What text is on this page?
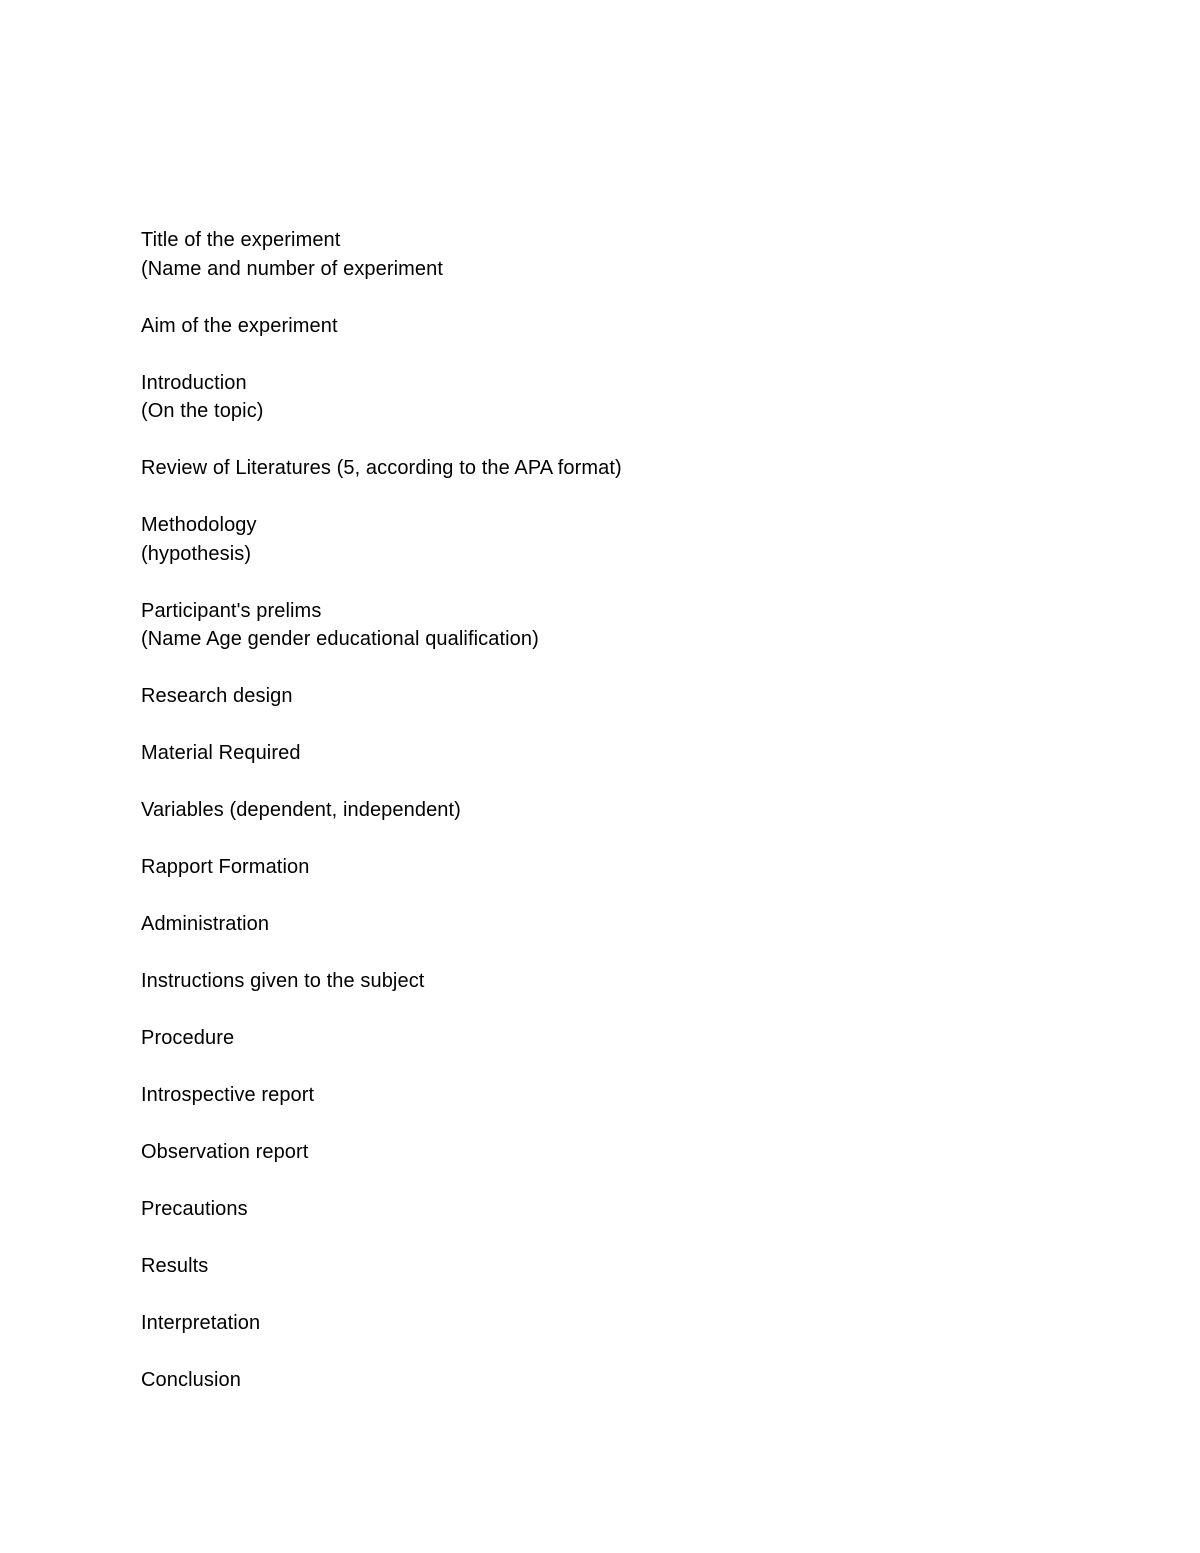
Title of the experiment
(Name and number of experiment
Aim of the experiment
Introduction
(On the topic)
Review of Literatures (5, according to the APA format)
Methodology
(hypothesis)
Participant's prelims
(Name Age gender educational qualification)
Research design
Material Required
Variables (dependent, independent)
Rapport Formation
Administration
Instructions given to the subject
Procedure
Introspective report
Observation report
Precautions
Results
Interpretation
Conclusion
